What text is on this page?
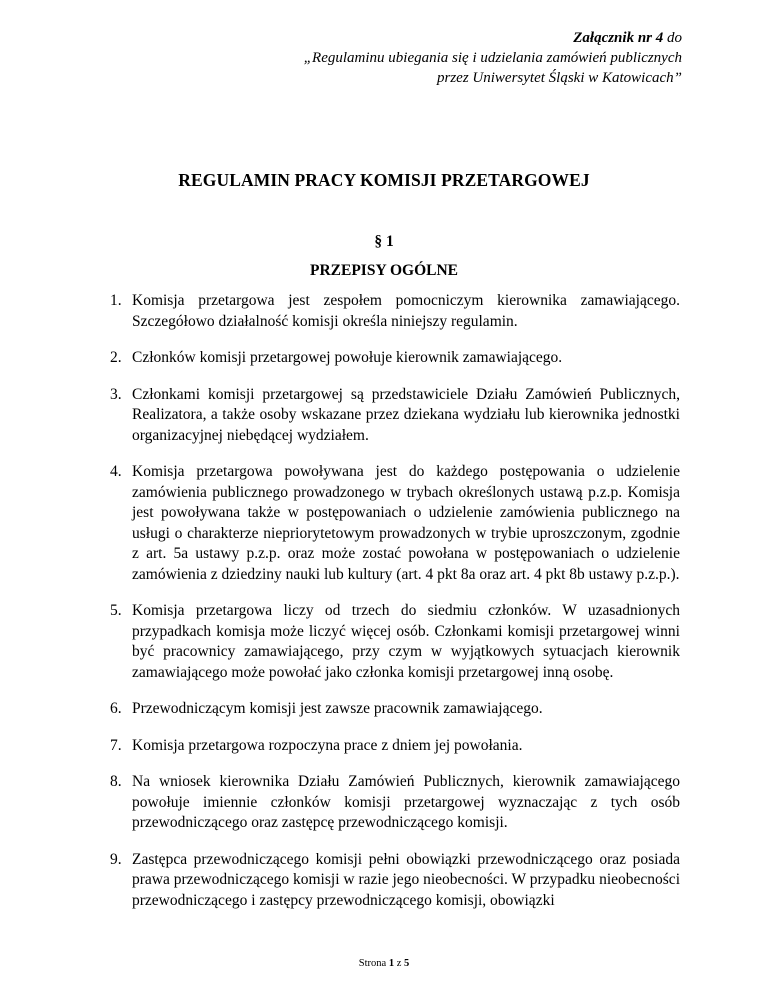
Załącznik nr 4 do
„Regulaminu ubiegania się i udzielania zamówień publicznych
przez Uniwersytet Śląski w Katowicach”
REGULAMIN PRACY KOMISJI PRZETARGOWEJ
§ 1
PRZEPISY OGÓLNE
1. Komisja przetargowa jest zespołem pomocniczym kierownika zamawiającego. Szczegółowo działalność komisji określa niniejszy regulamin.
2. Członków komisji przetargowej powołuje kierownik zamawiającego.
3. Członkami komisji przetargowej są przedstawiciele Działu Zamówień Publicznych, Realizatora, a także osoby wskazane przez dziekana wydziału lub kierownika jednostki organizacyjnej niebędącej wydziałem.
4. Komisja przetargowa powoływana jest do każdego postępowania o udzielenie zamówienia publicznego prowadzonego w trybach określonych ustawą p.z.p. Komisja jest powoływana także w postępowaniach o udzielenie zamówienia publicznego na usługi o charakterze niepriorytetowym prowadzonych w trybie uproszczonym, zgodnie z art. 5a ustawy p.z.p. oraz może zostać powołana w postępowaniach o udzielenie zamówienia z dziedziny nauki lub kultury (art. 4 pkt 8a oraz art. 4 pkt 8b ustawy p.z.p.).
5. Komisja przetargowa liczy od trzech do siedmiu członków. W uzasadnionych przypadkach komisja może liczyć więcej osób. Członkami komisji przetargowej winni być pracownicy zamawiającego, przy czym w wyjątkowych sytuacjach kierownik zamawiającego może powołać jako członka komisji przetargowej inną osobę.
6. Przewodniczącym komisji jest zawsze pracownik zamawiającego.
7. Komisja przetargowa rozpoczyna prace z dniem jej powołania.
8. Na wniosek kierownika Działu Zamówień Publicznych, kierownik zamawiającego powołuje imiennie członków komisji przetargowej wyznaczając z tych osób przewodniczącego oraz zastępcę przewodniczącego komisji.
9. Zastępca przewodniczącego komisji pełni obowiązki przewodniczącego oraz posiada prawa przewodniczącego komisji w razie jego nieobecności. W przypadku nieobecności przewodniczącego i zastępcy przewodniczącego komisji, obowiązki
Strona 1 z 5
